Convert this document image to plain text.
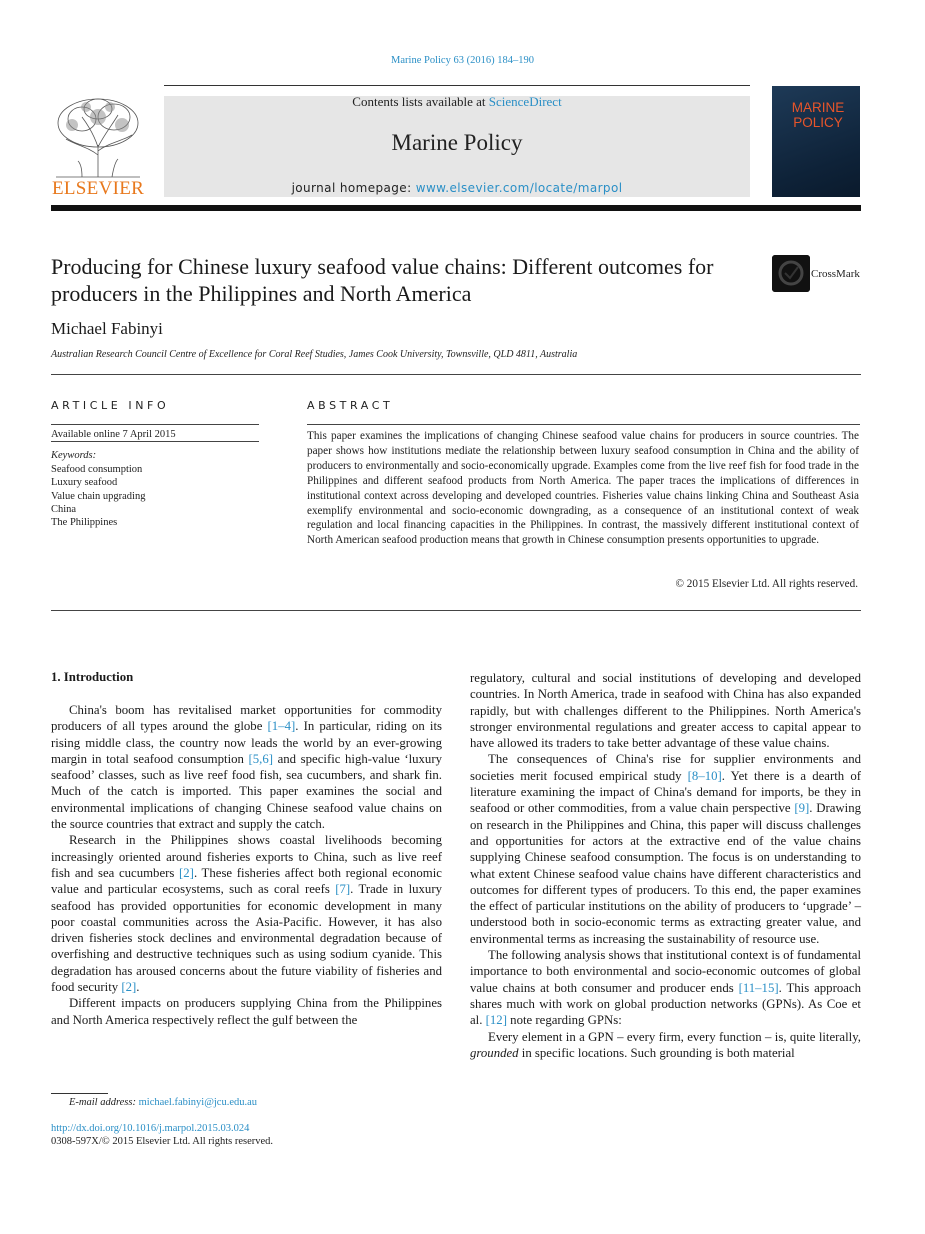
Marine Policy 63 (2016) 184–190
Contents lists available at ScienceDirect
Marine Policy
journal homepage: www.elsevier.com/locate/marpol
ELSEVIER
MARINE
POLICY
Producing for Chinese luxury seafood value chains: Different outcomes for producers in the Philippines and North America
CrossMark
Michael Fabinyi
Australian Research Council Centre of Excellence for Coral Reef Studies, James Cook University, Townsville, QLD 4811, Australia
ARTICLE INFO
Available online 7 April 2015
Keywords:
Seafood consumption
Luxury seafood
Value chain upgrading
China
The Philippines
ABSTRACT
This paper examines the implications of changing Chinese seafood value chains for producers in source countries. The paper shows how institutions mediate the relationship between luxury seafood consumption in China and the ability of producers to environmentally and socio-economically upgrade. Examples come from the live reef fish for food trade in the Philippines and different seafood products from North America. The paper traces the implications of differences in institutional context across developing and developed countries. Fisheries value chains linking China and Southeast Asia exemplify environmental and socio-economic downgrading, as a consequence of an institutional context of weak regulation and local financing capacities in the Philippines. In contrast, the massively different institutional context of North American seafood production means that growth in Chinese consumption presents opportunities to upgrade.
© 2015 Elsevier Ltd. All rights reserved.
1. Introduction

China's boom has revitalised market opportunities for commodity producers of all types around the globe [1–4]. In particular, riding on its rising middle class, the country now leads the world by an ever-growing margin in total seafood consumption [5,6] and specific high-value ‘luxury seafood’ classes, such as live reef food fish, sea cucumbers, and shark fin. Much of the catch is imported. This paper examines the social and environmental implications of changing Chinese seafood value chains on the source countries that extract and supply the catch.

Research in the Philippines shows coastal livelihoods becoming increasingly oriented around fisheries exports to China, such as live reef fish and sea cucumbers [2]. These fisheries affect both regional economic value and particular ecosystems, such as coral reefs [7]. Trade in luxury seafood has provided opportunities for economic development in many poor coastal communities across the Asia-Pacific. However, it has also driven fisheries stock declines and environmental degradation because of overfishing and destructive techniques such as using sodium cyanide. This degradation has aroused concerns about the future viability of fisheries and food security [2].

Different impacts on producers supplying China from the Philippines and North America respectively reflect the gulf between the

regulatory, cultural and social institutions of developing and developed countries. In North America, trade in seafood with China has also expanded rapidly, but with challenges different to the Philippines. North America's stronger environmental regulations and greater access to capital appear to have allowed its traders to take better advantage of these value chains.

The consequences of China's rise for supplier environments and societies merit focused empirical study [8–10]. Yet there is a dearth of literature examining the impact of China's demand for imports, be they in seafood or other commodities, from a value chain perspective [9]. Drawing on research in the Philippines and China, this paper will discuss challenges and opportunities for actors at the extractive end of the value chains supplying Chinese seafood consumption. The focus is on understanding to what extent Chinese seafood value chains have different characteristics and outcomes for different types of producers. To this end, the paper examines the effect of particular institutions on the ability of producers to ‘upgrade’ – understood both in socio-economic terms as extracting greater value, and environmental terms as increasing the sustainability of resource use.

The following analysis shows that institutional context is of fundamental importance to both environmental and socio-economic outcomes of global value chains at both consumer and producer ends [11–15]. This approach shares much with work on global production networks (GPNs). As Coe et al. [12] note regarding GPNs:

Every element in a GPN – every firm, every function – is, quite literally, grounded in specific locations. Such grounding is both material

E-mail address: michael.fabinyi@jcu.edu.au
http://dx.doi.org/10.1016/j.marpol.2015.03.024
0308-597X/© 2015 Elsevier Ltd. All rights reserved.
